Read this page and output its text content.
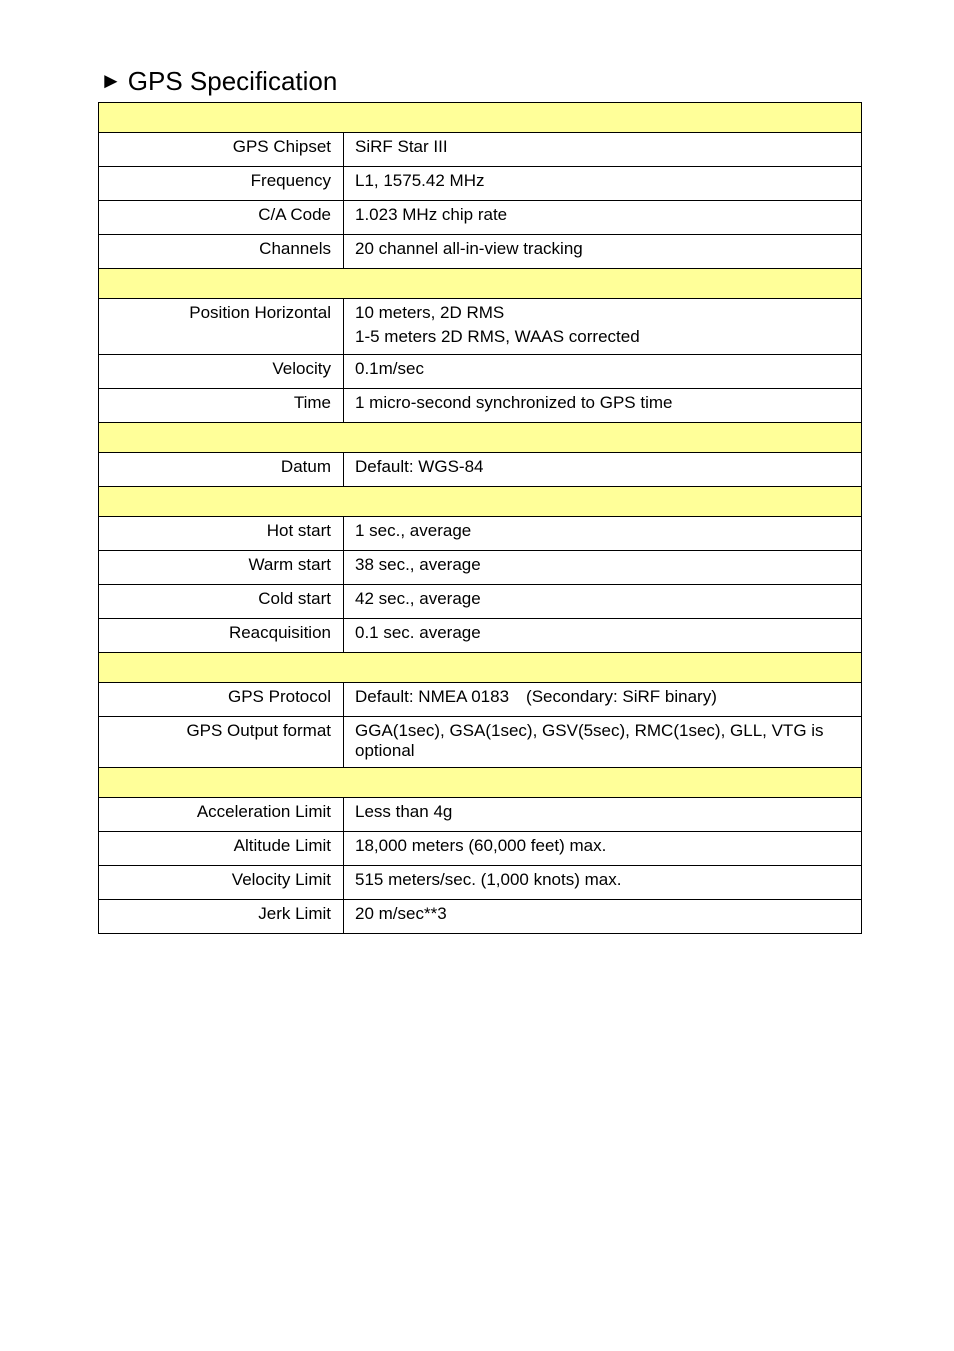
► GPS Specification

GPS Chipset	SiRF Star III
Frequency	L1, 1575.42 MHz
C/A Code	1.023 MHz chip rate
Channels	20 channel all-in-view tracking

Position Horizontal	10 meters, 2D RMS
1-5 meters 2D RMS, WAAS corrected

Velocity	0.1m/sec
Time	1 micro-second synchronized to GPS time

Datum	Default: WGS-84

Hot start	1 sec., average
Warm start	38 sec., average
Cold start	42 sec., average
Reacquisition	0.1 sec. average

GPS Protocol	Default: NMEA 0183　(Secondary: SiRF binary)
GPS Output format	GGA(1sec), GSA(1sec), GSV(5sec), RMC(1sec), GLL, VTG is optional

Acceleration Limit	Less than 4g
Altitude Limit	18,000 meters (60,000 feet) max.
Velocity Limit	515 meters/sec. (1,000 knots) max.
Jerk Limit	20 m/sec**3
